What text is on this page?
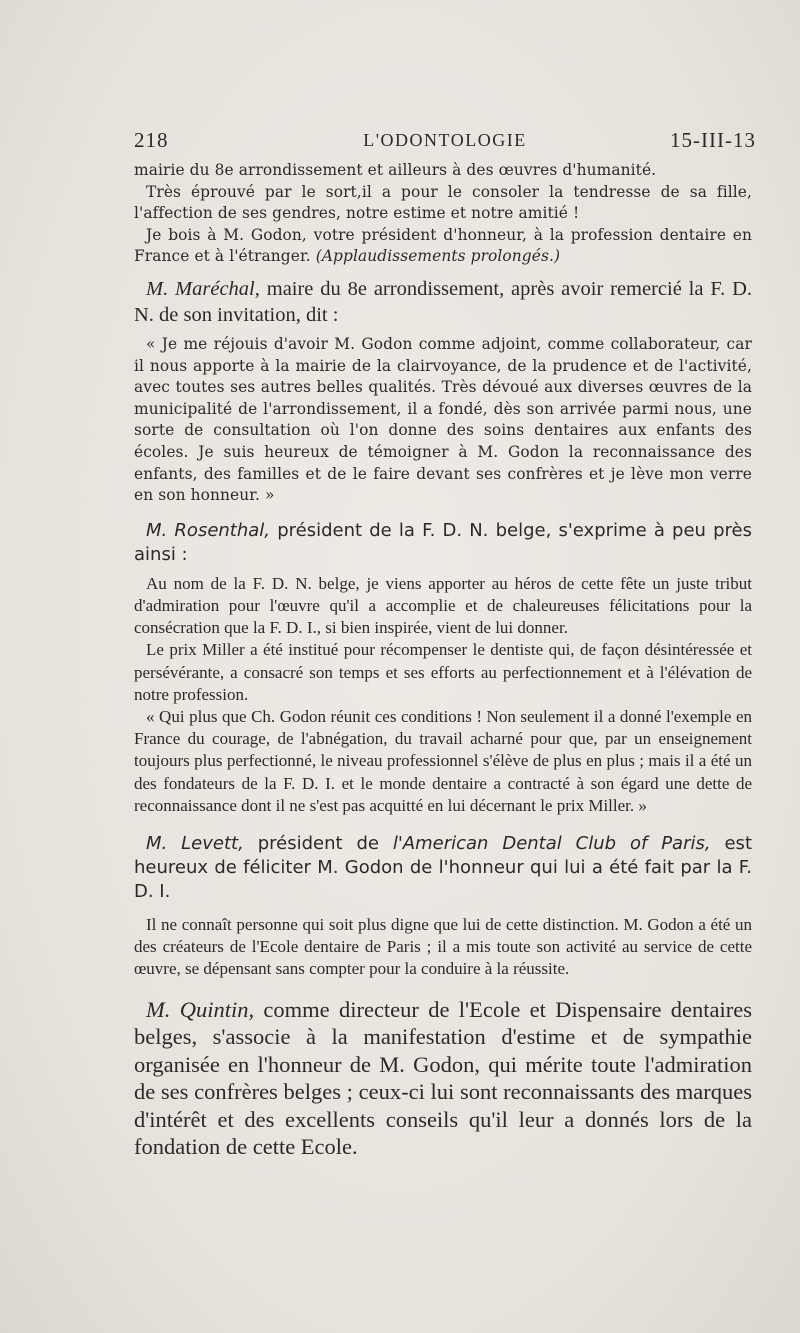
218	L'ODONTOLOGIE	15-III-13

mairie du 8e arrondissement et ailleurs à des œuvres d'humanité.

Très éprouvé par le sort,il a pour le consoler la tendresse de sa fille, l'affection de ses gendres, notre estime et notre amitié !

Je bois à M. Godon, votre président d'honneur, à la profession dentaire en France et à l'étranger. (Applaudissements prolongés.)

M. Maréchal, maire du 8e arrondissement, après avoir remercié la F. D. N. de son invitation, dit :

« Je me réjouis d'avoir M. Godon comme adjoint, comme collaborateur, car il nous apporte à la mairie de la clairvoyance, de la prudence et de l'activité, avec toutes ses autres belles qualités. Très dévoué aux diverses œuvres de la municipalité de l'arrondissement, il a fondé, dès son arrivée parmi nous, une sorte de consultation où l'on donne des soins dentaires aux enfants des écoles. Je suis heureux de témoigner à M. Godon la reconnaissance des enfants, des familles et de le faire devant ses confrères et je lève mon verre en son honneur. »

M. Rosenthal, président de la F. D. N. belge, s'exprime à peu près ainsi :

Au nom de la F. D. N. belge, je viens apporter au héros de cette fête un juste tribut d'admiration pour l'œuvre qu'il a accomplie et de chaleureuses félicitations pour la consécration que la F. D. I., si bien inspirée, vient de lui donner.

Le prix Miller a été institué pour récompenser le dentiste qui, de façon désintéressée et persévérante, a consacré son temps et ses efforts au perfectionnement et à l'élévation de notre profession.

« Qui plus que Ch. Godon réunit ces conditions ! Non seulement il a donné l'exemple en France du courage, de l'abnégation, du travail acharné pour que, par un enseignement toujours plus perfectionné, le niveau professionnel s'élève de plus en plus ; mais il a été un des fondateurs de la F. D. I. et le monde dentaire a contracté à son égard une dette de reconnaissance dont il ne s'est pas acquitté en lui décernant le prix Miller. »

M. Levett, président de l'American Dental Club of Paris, est heureux de féliciter M. Godon de l'honneur qui lui a été fait par la F. D. I.

Il ne connaît personne qui soit plus digne que lui de cette distinction. M. Godon a été un des créateurs de l'Ecole dentaire de Paris ; il a mis toute son activité au service de cette œuvre, se dépensant sans compter pour la conduire à la réussite.

M. Quintin, comme directeur de l'Ecole et Dispensaire dentaires belges, s'associe à la manifestation d'estime et de sympathie organisée en l'honneur de M. Godon, qui mérite toute l'admiration de ses confrères belges ; ceux-ci lui sont reconnaissants des marques d'intérêt et des excellents conseils qu'il leur a donnés lors de la fondation de cette Ecole.
